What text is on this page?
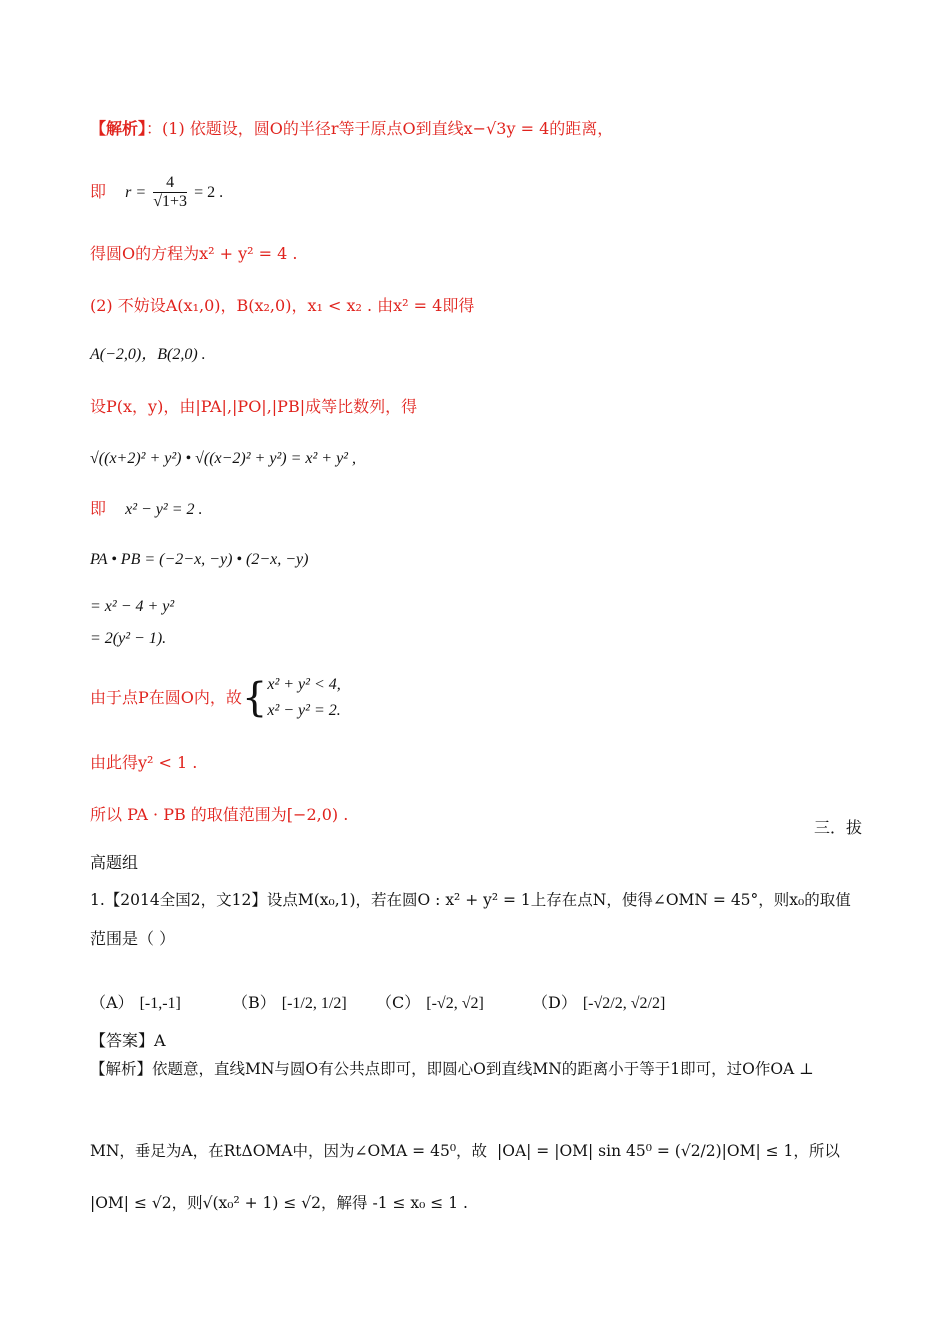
【解析】：(1) 依题设，圆O的半径r等于原点O到直线x−√3y = 4的距离，
即 $r = \frac{4}{√1+3} = 2$ .
得圆O的方程为x² + y² = 4 .
(2) 不妨设A(x₁,0)，B(x₂,0)，x₁ < x₂ . 由x² = 4即得
A(−2,0)，B(2,0) .
设P(x，y)，由|PA|,|PO|,|PB|成等比数列，得
√((x+2)² + y²) • √((x−2)² + y²) = x² + y² ,
即 x² − y² = 2 .
PA • PB = (−2−x, −y) • (2−x, −y)
= x² − 4 + y²
= 2(y² − 1).
由于点P在圆O内，故{ x² + y² < 4,
x² − y² = 2.
由此得y² < 1 .
所以 PA · PB 的取值范围为[−2,0) .
三．拔
高题组
1.【2014全国2，文12】设点M(x₀,1)，若在圆O : x² + y² = 1上存在点N，使得∠OMN = 45°，则x₀的取值
范围是（ ）
（A） [-1,-1]	（B） [-1/2, 1/2] （C） [-√2, √2]	（D） [-√2/2, √2/2]
【答案】A
【解析】依题意，直线MN与圆O有公共点即可，即圆心O到直线MN的距离小于等于1即可，过O作OA ⊥
MN，垂足为A，在RtΔOMA中，因为∠OMA = 45⁰，故 |OA| = |OM| sin 45⁰ = (√2/2)|OM| ≤ 1，所以
|OM| ≤ √2，则√(x₀² + 1) ≤ √2，解得 -1 ≤ x₀ ≤ 1 .
